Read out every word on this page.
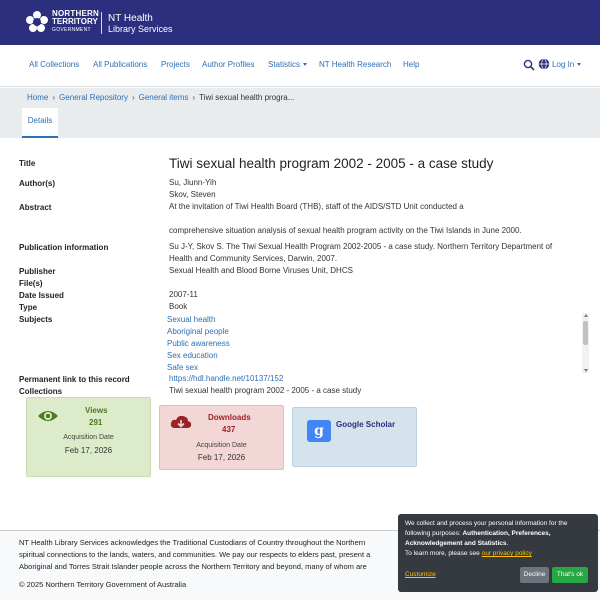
NORTHERN
TERRITORY
GOVERNMENT
NT Health
Library Services
All Collections All Publications Projects Author Profiles Statistics	NT Health Research Help	Log In
Home › General Repository › General items › Tiwi sexual health progra...
Details
Title	Tiwi sexual health program 2002 - 2005 - a case study
Author(s)	Su, Jiunn-Yih
Skov, Steven
Abstract	At the invitation of Tiwi Health Board (THB), staff of the AIDS/STD Unit conducted a
comprehensive situation analysis of sexual health program activity on the Tiwi Islands in June 2000.
Publication information	Su J-Y, Skov S. The Tiwi Sexual Health Program 2002-2005 - a case study. Northern Territory Department of
Health and Community Services, Darwin, 2007.
Publisher	Sexual Health and Blood Borne Viruses Unit, DHCS
File(s)
Date Issued	2007-11
Type	Book
Subjects	Sexual health
Aboriginal people
Public awareness
Sex education
Safe sex
Permanent link to this record	https://hdl.handle.net/10137/152
Collections	Tiwi sexual health program 2002 - 2005 - a case study
Views
291
Acquisition Date
Feb 17, 2026
Downloads
437
Acquisition Date
Feb 17, 2026
g	Google Scholar
NT Health Library Services acknowledges the Traditional Custodians of Country throughout the Northern
spiritual connections to the lands, waters, and communities. We pay our respects to elders past, present a
Aboriginal and Torres Strait Islander people across the Northern Territory and beyond, many of whom are
© 2025 Northern Territory Government of Australia
We collect and process your personal information for the
following purposes: Authentication, Preferences,
Acknowledgement and Statistics.
To learn more, please see our privacy policy
Customize	Decline	That's ok
